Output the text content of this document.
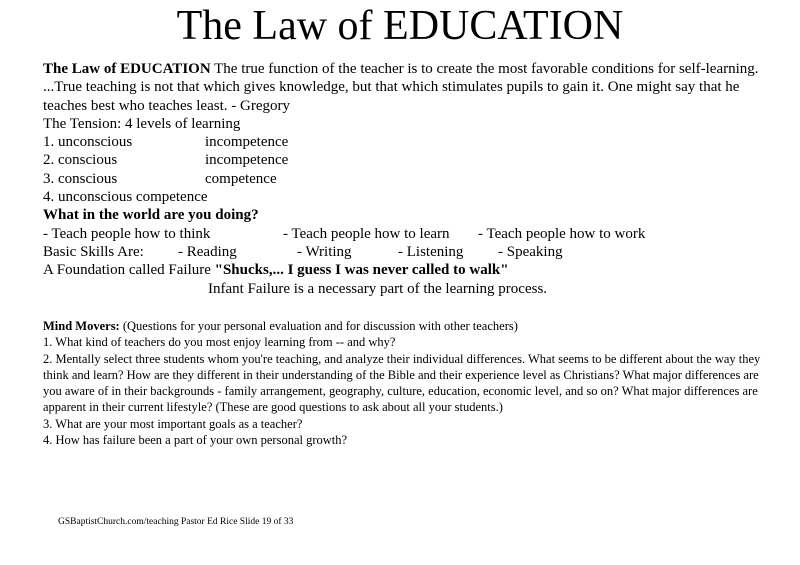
The Law of EDUCATION
The Law of EDUCATION The true function of the teacher is to create the most favorable conditions for self-learning. ...True teaching is not that which gives knowledge, but that which stimulates pupils to gain it. One might say that he teaches best who teaches least. - Gregory
The Tension: 4 levels of learning
1. unconscious	incompetence
2. conscious	incompetence
3. conscious	competence
4. unconscious competence
What in the world are you doing?
- Teach people how to think	- Teach people how to learn - Teach people how to work
Basic Skills Are: - Reading	- Writing	- Listening - Speaking
A Foundation called Failure "Shucks,... I guess I was never called to walk"
Infant Failure is a necessary part of the learning process.
Mind Movers: (Questions for your personal evaluation and for discussion with other teachers)
1. What kind of teachers do you most enjoy learning from -- and why?
2. Mentally select three students whom you're teaching, and analyze their individual differences. What seems to be different about the way they think and learn? How are they different in their understanding of the Bible and their experience level as Christians? What major differences are you aware of in their backgrounds - family arrangement, geography, culture, education, economic level, and so on? What major differences are apparent in their current lifestyle? (These are good questions to ask about all your students.)
3. What are your most important goals as a teacher?
4. How has failure been a part of your own personal growth?
GSBaptistChurch.com/teaching Pastor Ed Rice Slide 19 of 33
